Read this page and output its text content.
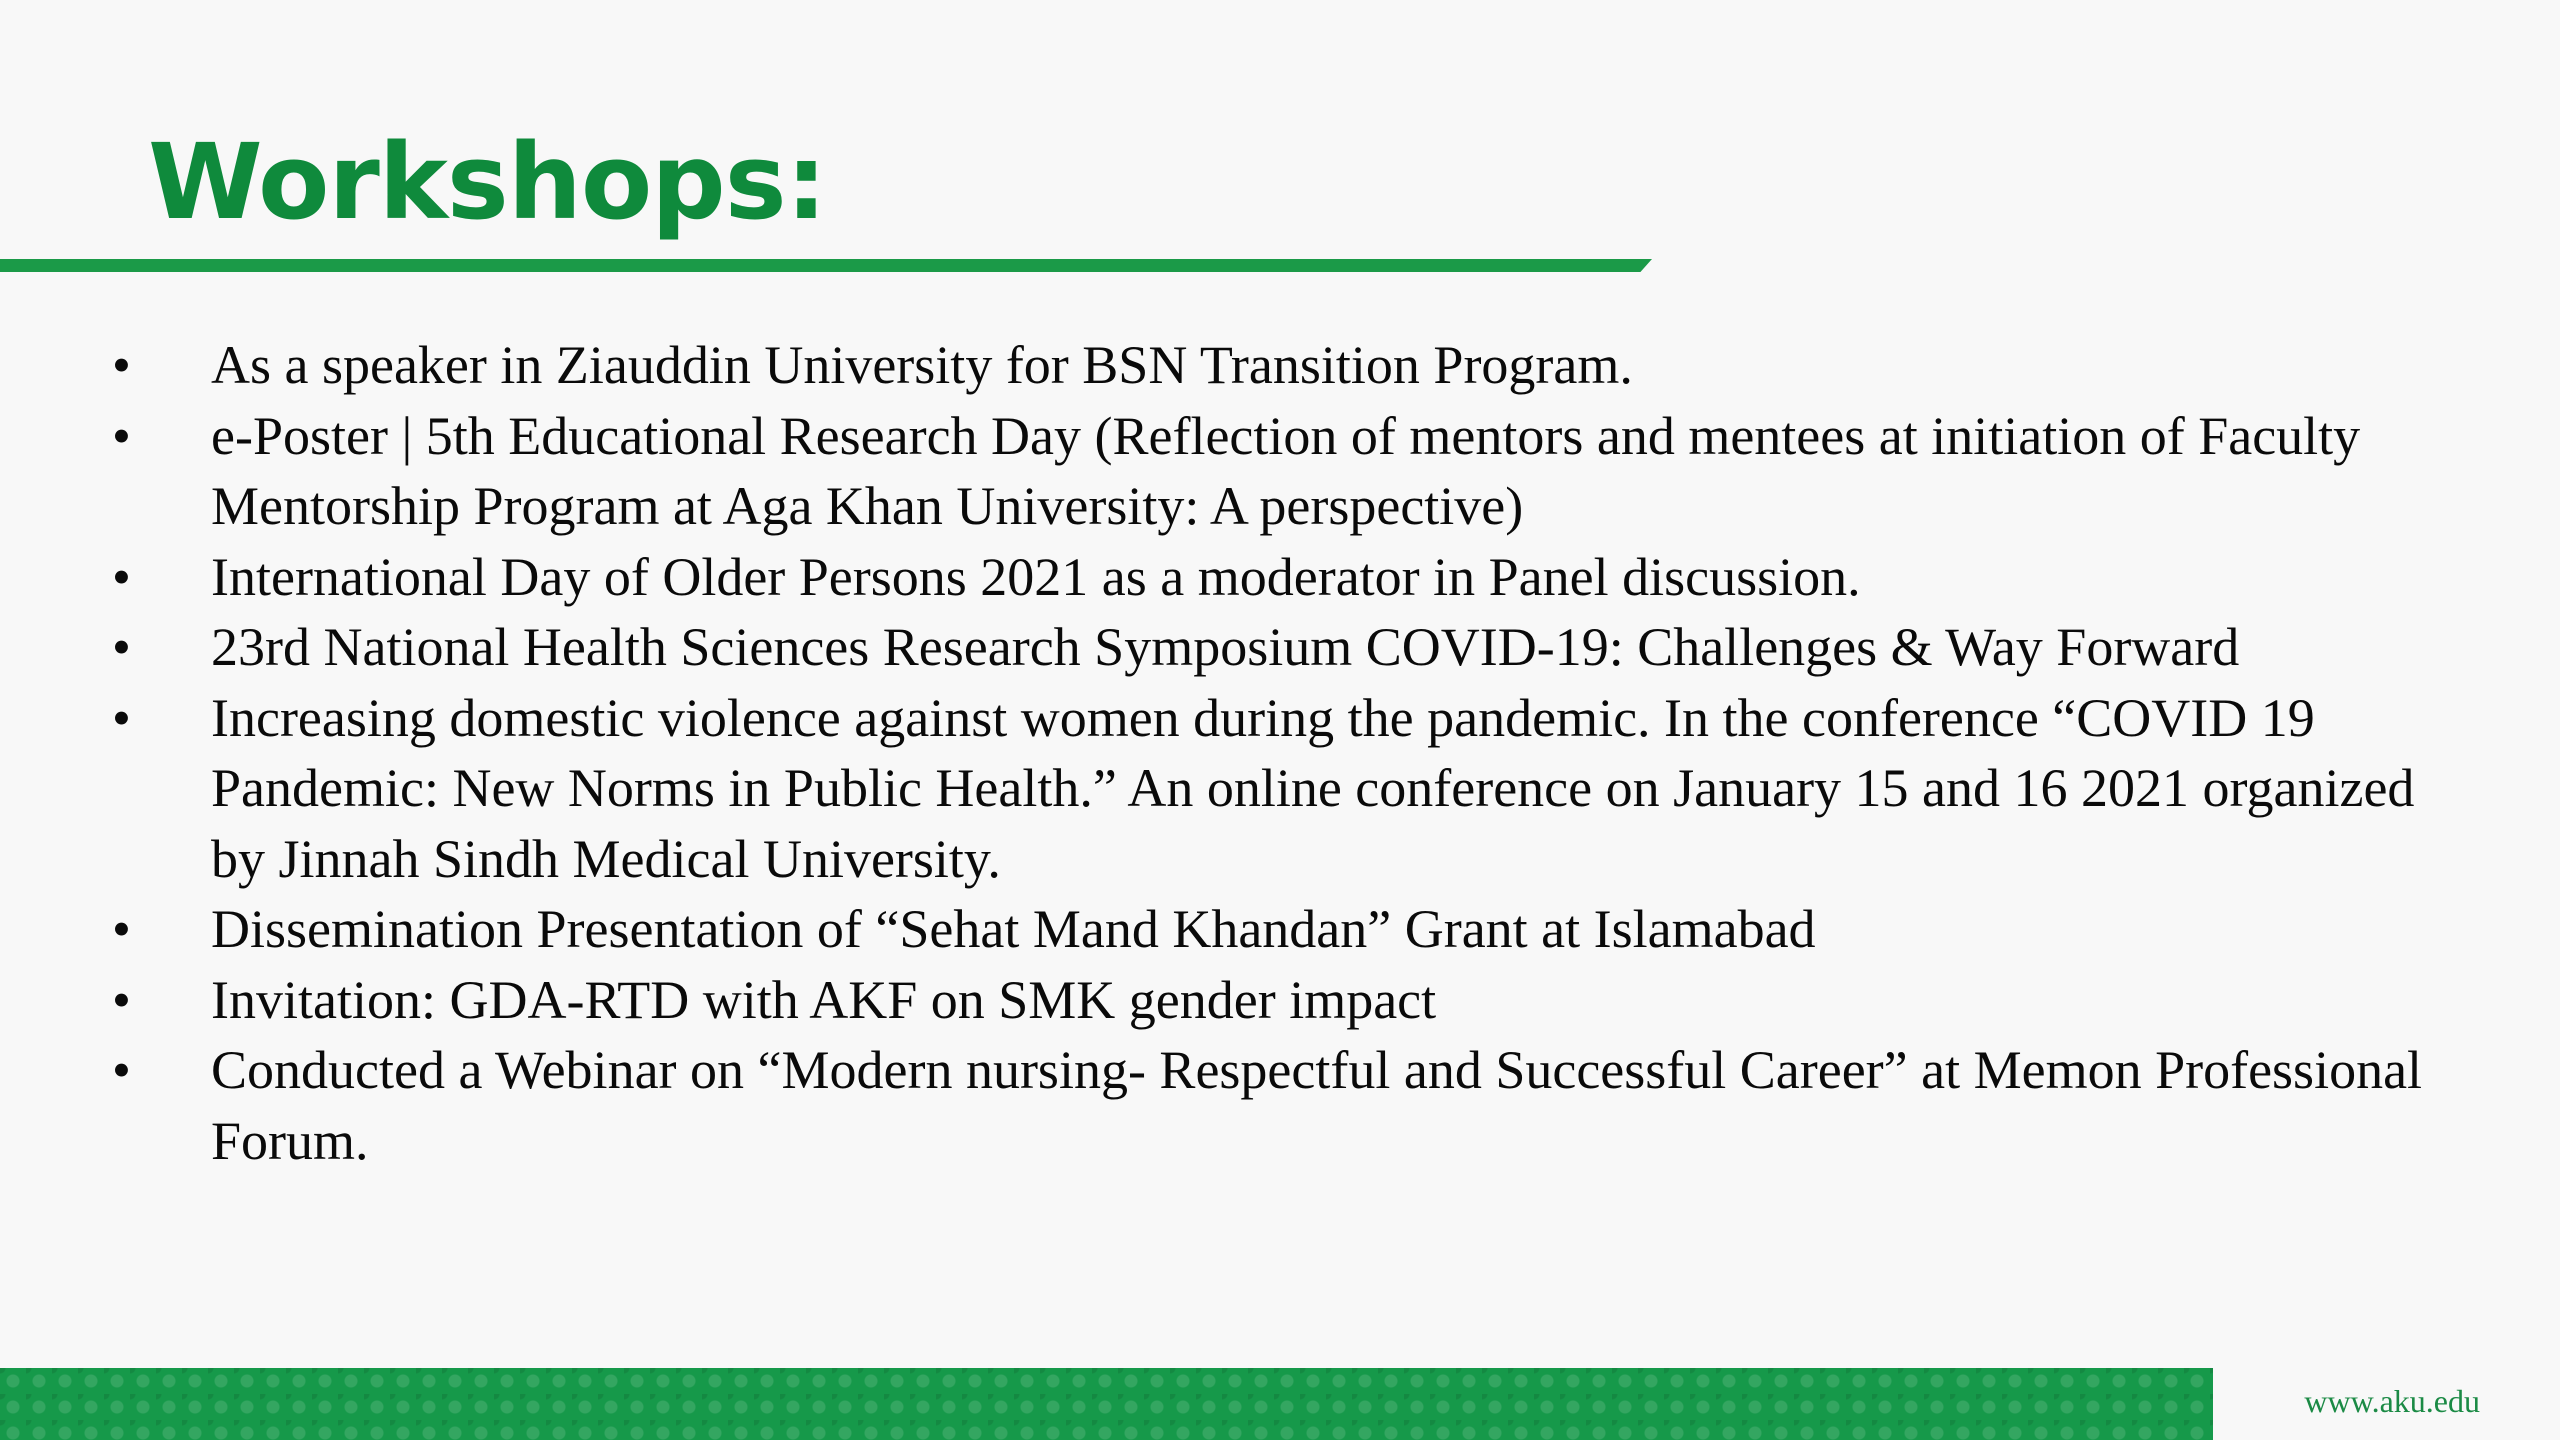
Workshops:
• As a speaker in Ziauddin University for BSN Transition Program.
• e-Poster | 5th Educational Research Day (Reflection of mentors and mentees at initiation of Faculty Mentorship Program at Aga Khan University: A perspective)
• International Day of Older Persons 2021 as a moderator in Panel discussion.
• 23rd National Health Sciences Research Symposium COVID-19: Challenges & Way Forward
• Increasing domestic violence against women during the pandemic. In the conference “COVID 19 Pandemic: New Norms in Public Health.” An online conference on January 15 and 16 2021 organized by Jinnah Sindh Medical University.
• Dissemination Presentation of “Sehat Mand Khandan” Grant at Islamabad
• Invitation: GDA-RTD with AKF on SMK gender impact
• Conducted a Webinar on “Modern nursing- Respectful and Successful Career” at Memon Professional Forum.
www.aku.edu
